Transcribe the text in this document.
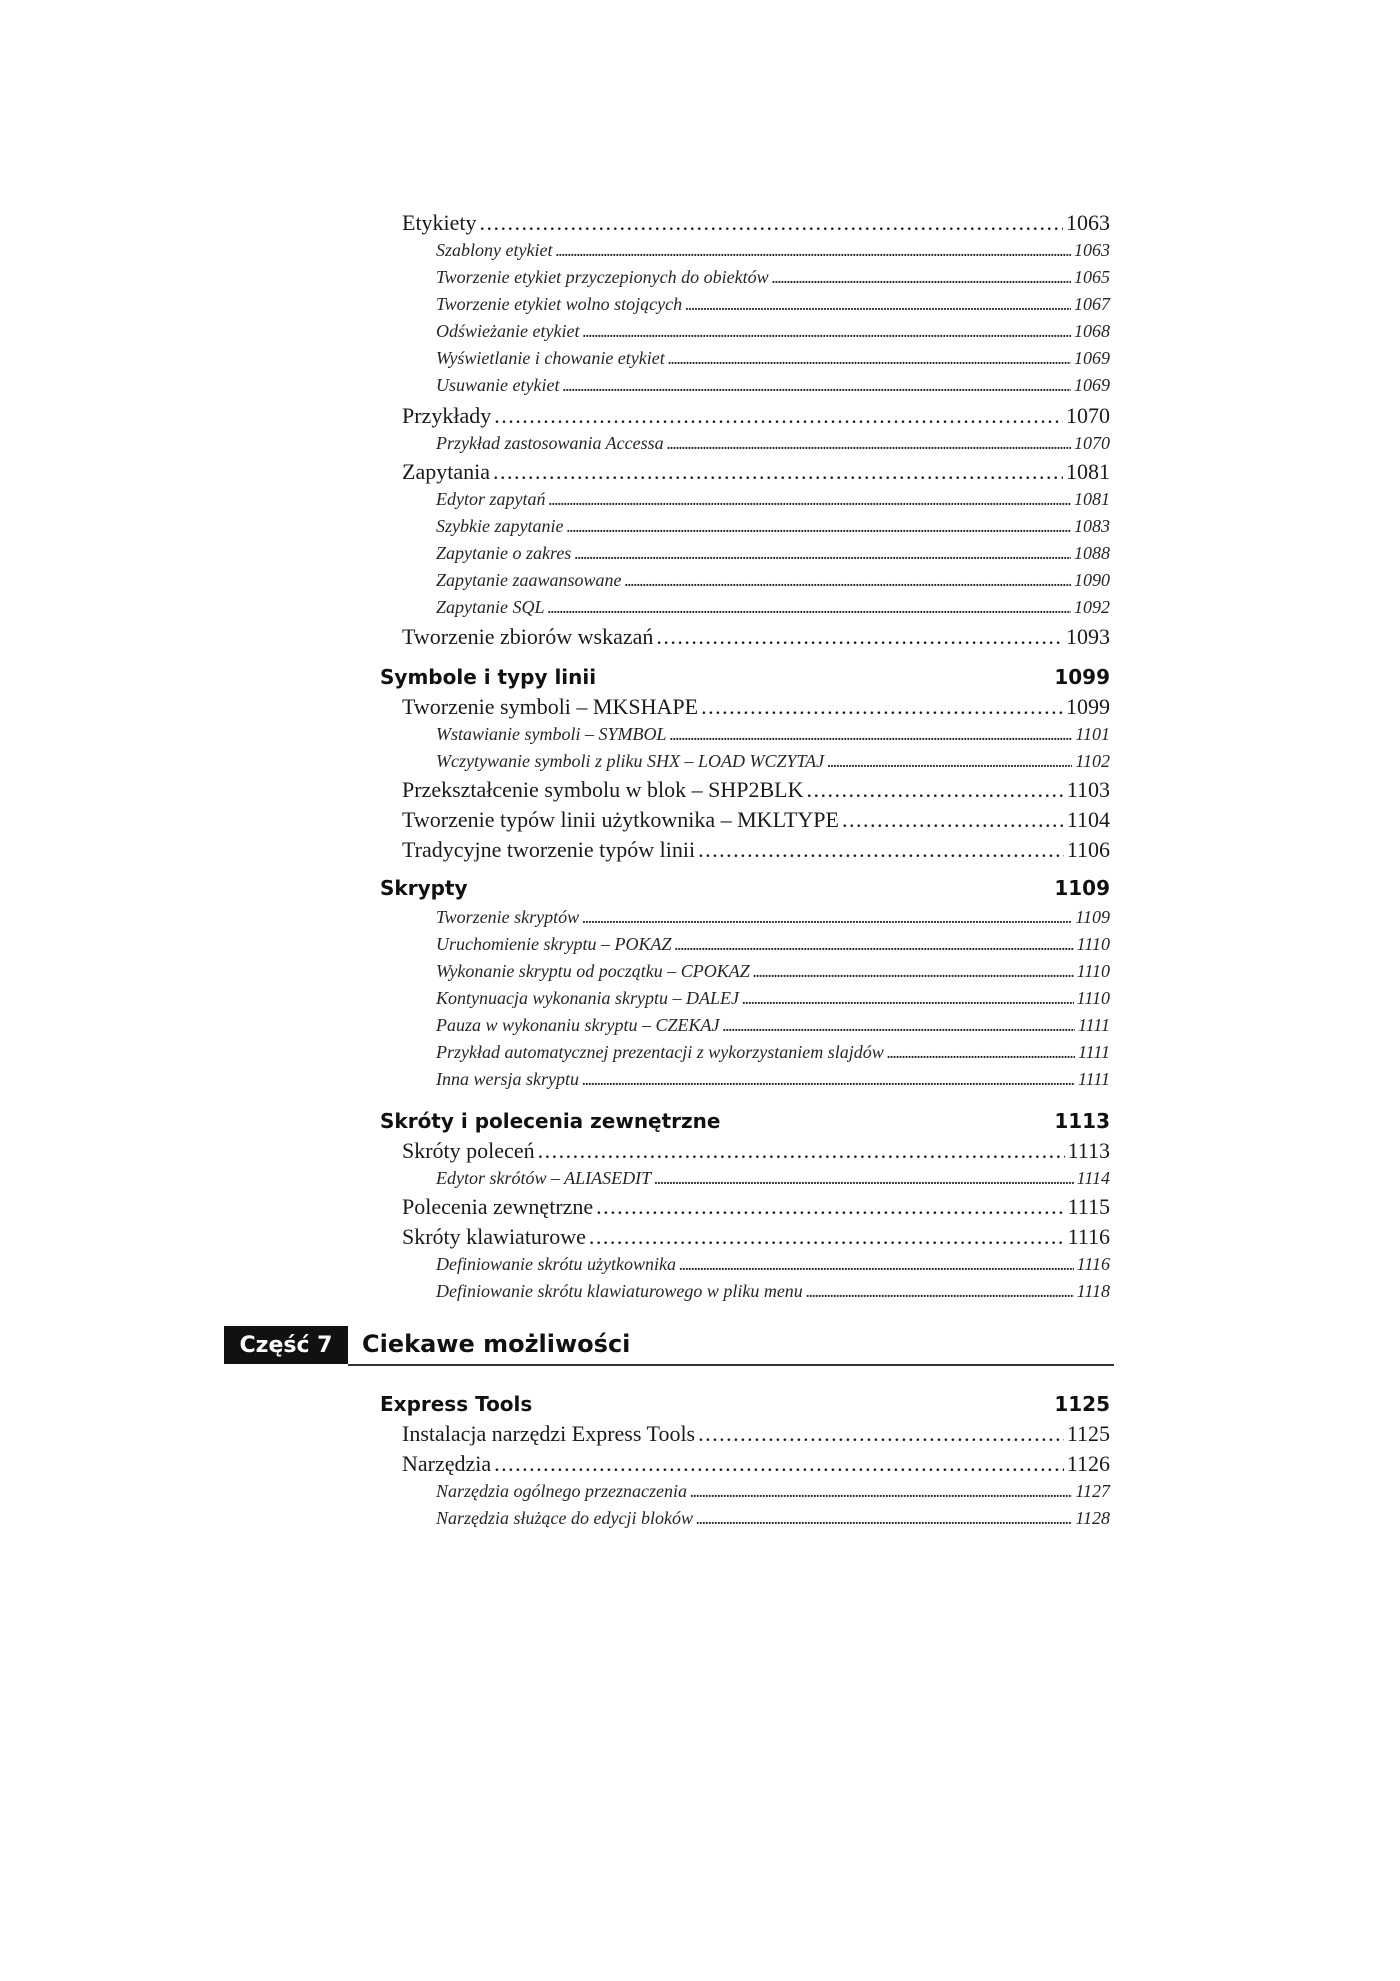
Etykiety . . .	1063
Szablony etykiet . . .	1063
Tworzenie etykiet przyczepionych do obiektów . . .	1065
Tworzenie etykiet wolno stojących . . .	1067
Odświeżanie etykiet . . .	1068
Wyświetlanie i chowanie etykiet . . .	1069
Usuwanie etykiet . . .	1069
Przykłady . . .	1070
Przykład zastosowania Accessa . . .	1070
Zapytania . . .	1081
Edytor zapytań . . .	1081
Szybkie zapytanie . . .	1083
Zapytanie o zakres . . .	1088
Zapytanie zaawansowane . . .	1090
Zapytanie SQL . . .	1092
Tworzenie zbiorów wskazań . . .	1093
Symbole i typy linii	1099
Tworzenie symboli – MKSHAPE . . .	1099
Wstawianie symboli – SYMBOL . . .	1101
Wczytywanie symboli z pliku SHX – LOAD WCZYTAJ . . .	1102
Przekształcenie symbolu w blok – SHP2BLK . . .	1103
Tworzenie typów linii użytkownika – MKLTYPE . . .	1104
Tradycyjne tworzenie typów linii . . .	1106
Skrypty	1109
Tworzenie skryptów . . .	1109
Uruchomienie skryptu – POKAZ . . .	1110
Wykonanie skryptu od początku – CPOKAZ . . .	1110
Kontynuacja wykonania skryptu – DALEJ . . .	1110
Pauza w wykonaniu skryptu – CZEKAJ . . .	1111
Przykład automatycznej prezentacji z wykorzystaniem slajdów . . .	1111
Inna wersja skryptu . . .	1111
Skróty i polecenia zewnętrzne	1113
Skróty poleceń . . .	1113
Edytor skrótów – ALIASEDIT . . .	1114
Polecenia zewnętrzne . . .	1115
Skróty klawiaturowe . . .	1116
Definiowanie skrótu użytkownika . . .	1116
Definiowanie skrótu klawiaturowego w pliku menu . . .	1118
Express Tools	1125
Instalacja narzędzi Express Tools . . .	1125
Narzędzia . . .	1126
Narzędzia ogólnego przeznaczenia . . .	1127
Narzędzia służące do edycji bloków . . .	1128
Część 7	Ciekawe możliwości
